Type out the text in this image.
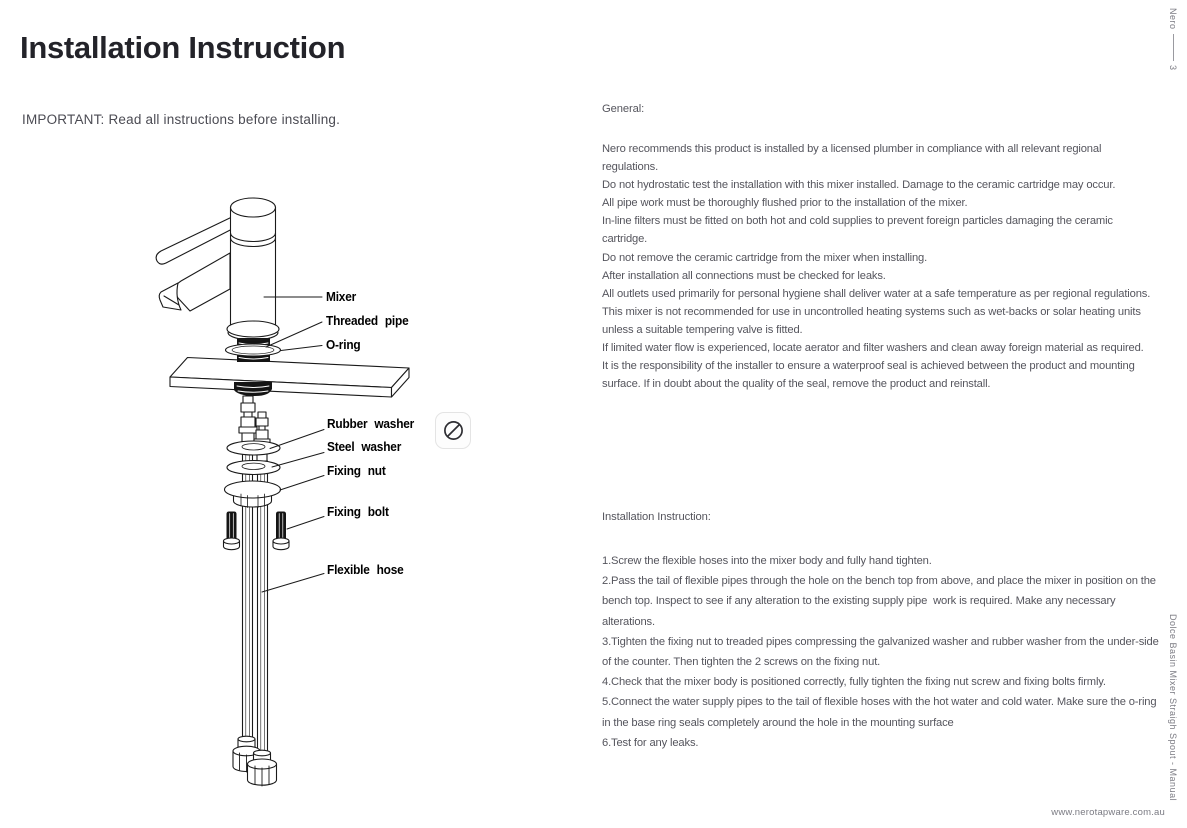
Installation Instruction
IMPORTANT: Read all instructions before installing.
Mixer
Threaded pipe
O-ring
Rubber washer
Steel washer
Fixing nut
Fixing bolt
Flexible hose
General:

Nero recommends this product is installed by a licensed plumber in compliance with all relevant regional regulations.

Do not hydrostatic test the installation with this mixer installed. Damage to the ceramic cartridge may occur.

All pipe work must be thoroughly flushed prior to the installation of the mixer.

In-line filters must be fitted on both hot and cold supplies to prevent foreign particles damaging the ceramic cartridge.

Do not remove the ceramic cartridge from the mixer when installing.

After installation all connections must be checked for leaks.

All outlets used primarily for personal hygiene shall deliver water at a safe temperature as per regional regulations.

This mixer is not recommended for use in uncontrolled heating systems such as wet-backs or solar heating units unless a suitable tempering valve is fitted.

If limited water flow is experienced, locate aerator and filter washers and clean away foreign material as required.

It is the responsibility of the installer to ensure a waterproof seal is achieved between the product and mounting surface. If in doubt about the quality of the seal, remove the product and reinstall.

Installation Instruction:

1.Screw the flexible hoses into the mixer body and fully hand tighten.

2.Pass the tail of flexible pipes through the hole on the bench top from above, and place the mixer in position on the bench top. Inspect to see if any alteration to the existing supply pipe  work is required. Make any necessary alterations.

3.Tighten the fixing nut to treaded pipes compressing the galvanized washer and rubber washer from the under-side of the counter. Then tighten the 2 screws on the fixing nut.

4.Check that the mixer body is positioned correctly, fully tighten the fixing nut screw and fixing bolts firmly.

5.Connect the water supply pipes to the tail of flexible hoses with the hot water and cold water. Make sure the o-ring in the base ring seals completely around the hole in the mounting surface

6.Test for any leaks.

Nero
3
Dolce Basin Mixer Straigh Spout - Manual
www.nerotapware.com.au
